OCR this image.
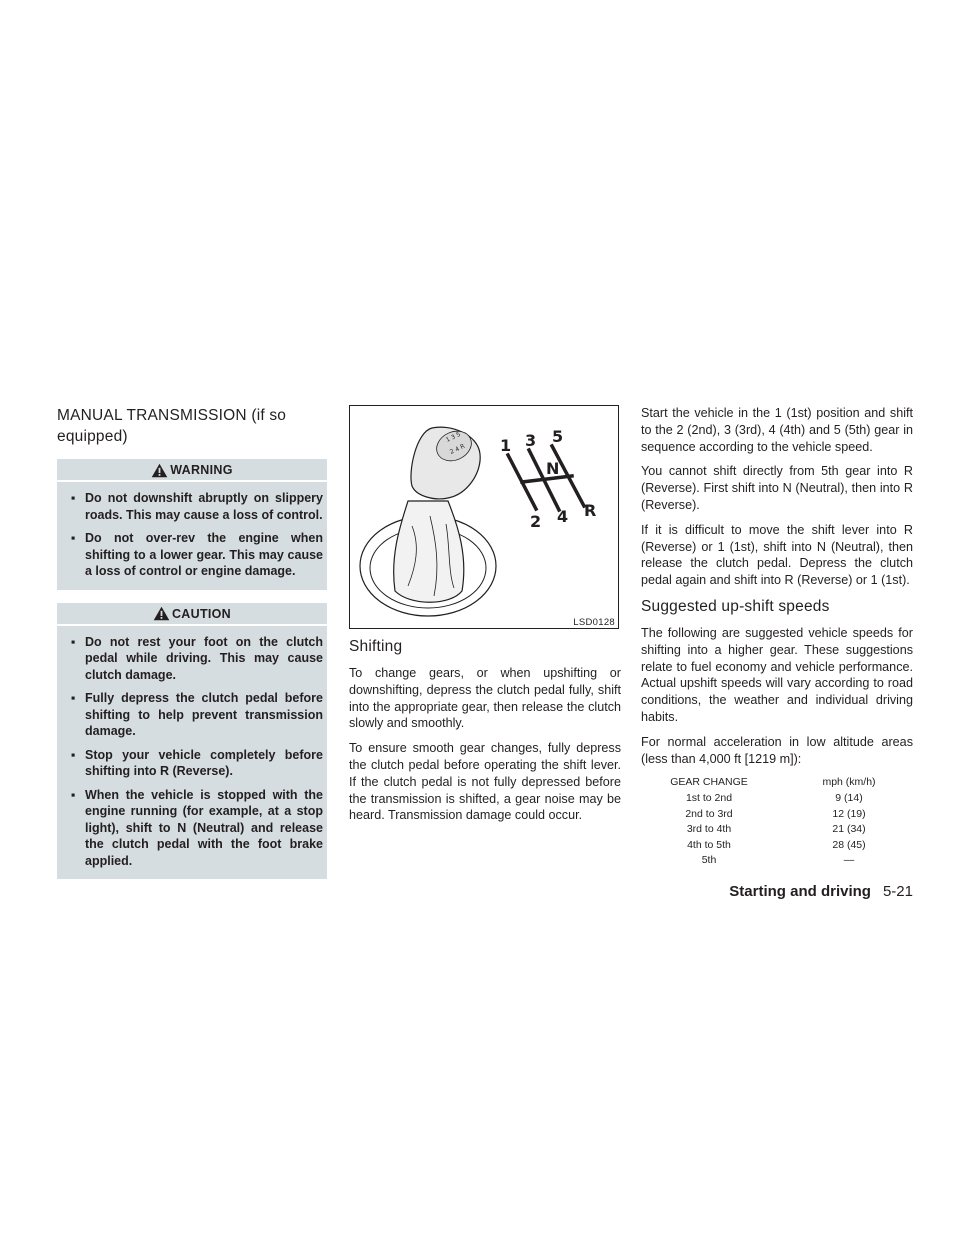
MANUAL TRANSMISSION (if so equipped)
WARNING
▪ Do not downshift abruptly on slippery roads. This may cause a loss of control.
▪ Do not over-rev the engine when shifting to a lower gear. This may cause a loss of control or engine damage.
CAUTION
▪ Do not rest your foot on the clutch pedal while driving. This may cause clutch damage.
▪ Fully depress the clutch pedal before shifting to help prevent transmission damage.
▪ Stop your vehicle completely before shifting into R (Reverse).
▪ When the vehicle is stopped with the engine running (for example, at a stop light), shift to N (Neutral) and release the clutch pedal with the foot brake applied.
1 3 5
2 4 R 1 3 5
N
2 4 R
LSD0128
Shifting

To change gears, or when upshifting or downshifting, depress the clutch pedal fully, shift into the appropriate gear, then release the clutch slowly and smoothly.

To ensure smooth gear changes, fully depress the clutch pedal before operating the shift lever. If the clutch pedal is not fully depressed before the transmission is shifted, a gear noise may be heard. Transmission damage could occur.

Start the vehicle in the 1 (1st) position and shift to the 2 (2nd), 3 (3rd), 4 (4th) and 5 (5th) gear in sequence according to the vehicle speed.

You cannot shift directly from 5th gear into R (Reverse). First shift into N (Neutral), then into R (Reverse).

If it is difficult to move the shift lever into R (Reverse) or 1 (1st), shift into N (Neutral), then release the clutch pedal. Depress the clutch pedal again and shift into R (Reverse) or 1 (1st).

Suggested up-shift speeds

The following are suggested vehicle speeds for shifting into a higher gear. These suggestions relate to fuel economy and vehicle performance. Actual upshift speeds will vary according to road conditions, the weather and individual driving habits.

For normal acceleration in low altitude areas (less than 4,000 ft [1219 m]):

GEAR CHANGE	mph (km/h)
1st to 2nd	9 (14)
2nd to 3rd	12 (19)
3rd to 4th	21 (34)
4th to 5th	28 (45)
5th	—
Starting and driving 5-21
